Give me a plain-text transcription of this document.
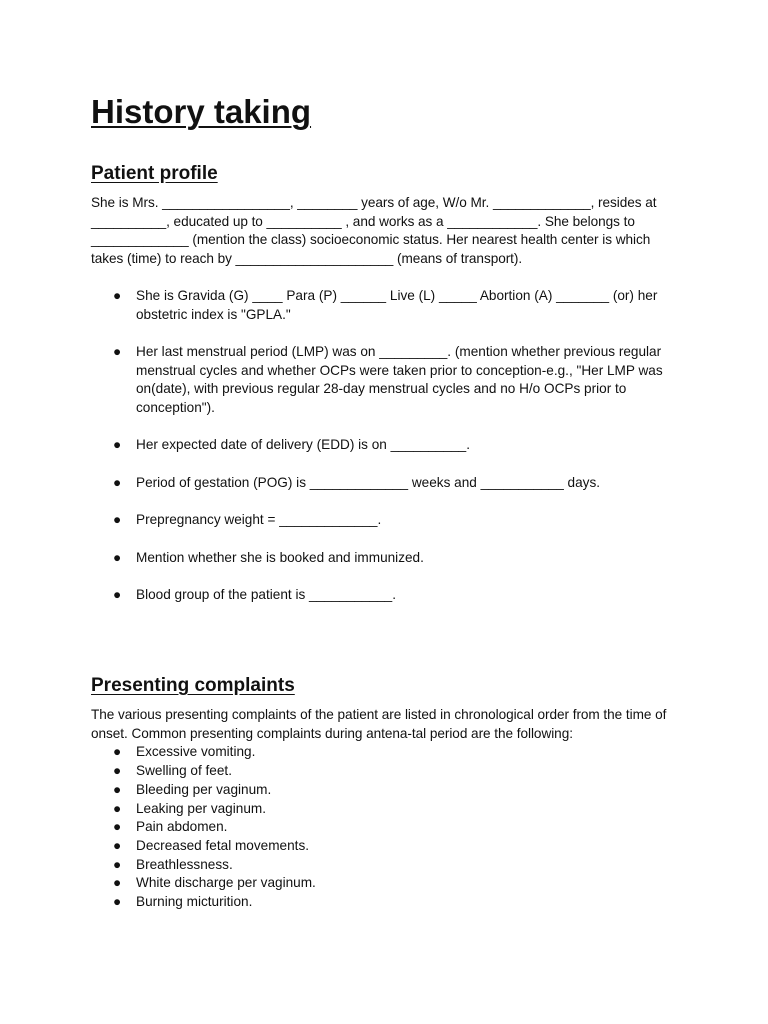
History taking
Patient profile

She is Mrs. _________________, ________ years of age, W/o Mr. _____________, resides at __________, educated up to __________ , and works as a ____________. She belongs to _____________ (mention the class) socioeconomic status. Her nearest health center is which takes (time) to reach by _____________________ (means of transport).

● She is Gravida (G) ____ Para (P) ______ Live (L) _____ Abortion (A) _______ (or) her obstetric index is "GPLA."
● Her last menstrual period (LMP) was on _________. (mention whether previous regular menstrual cycles and whether OCPs were taken prior to conception-e.g., "Her LMP was on(date), with previous regular 28-day menstrual cycles and no H/o OCPs prior to conception").
● Her expected date of delivery (EDD) is on __________.
● Period of gestation (POG) is _____________ weeks and ___________ days.
● Prepregnancy weight = _____________.
● Mention whether she is booked and immunized.
● Blood group of the patient is ___________.
Presenting complaints

The various presenting complaints of the patient are listed in chronological order from the time of onset. Common presenting complaints during antena-tal period are the following:

● Excessive vomiting.
● Swelling of feet.
● Bleeding per vaginum.
● Leaking per vaginum.
● Pain abdomen.
● Decreased fetal movements.
● Breathlessness.
● White discharge per vaginum.
● Burning micturition.
